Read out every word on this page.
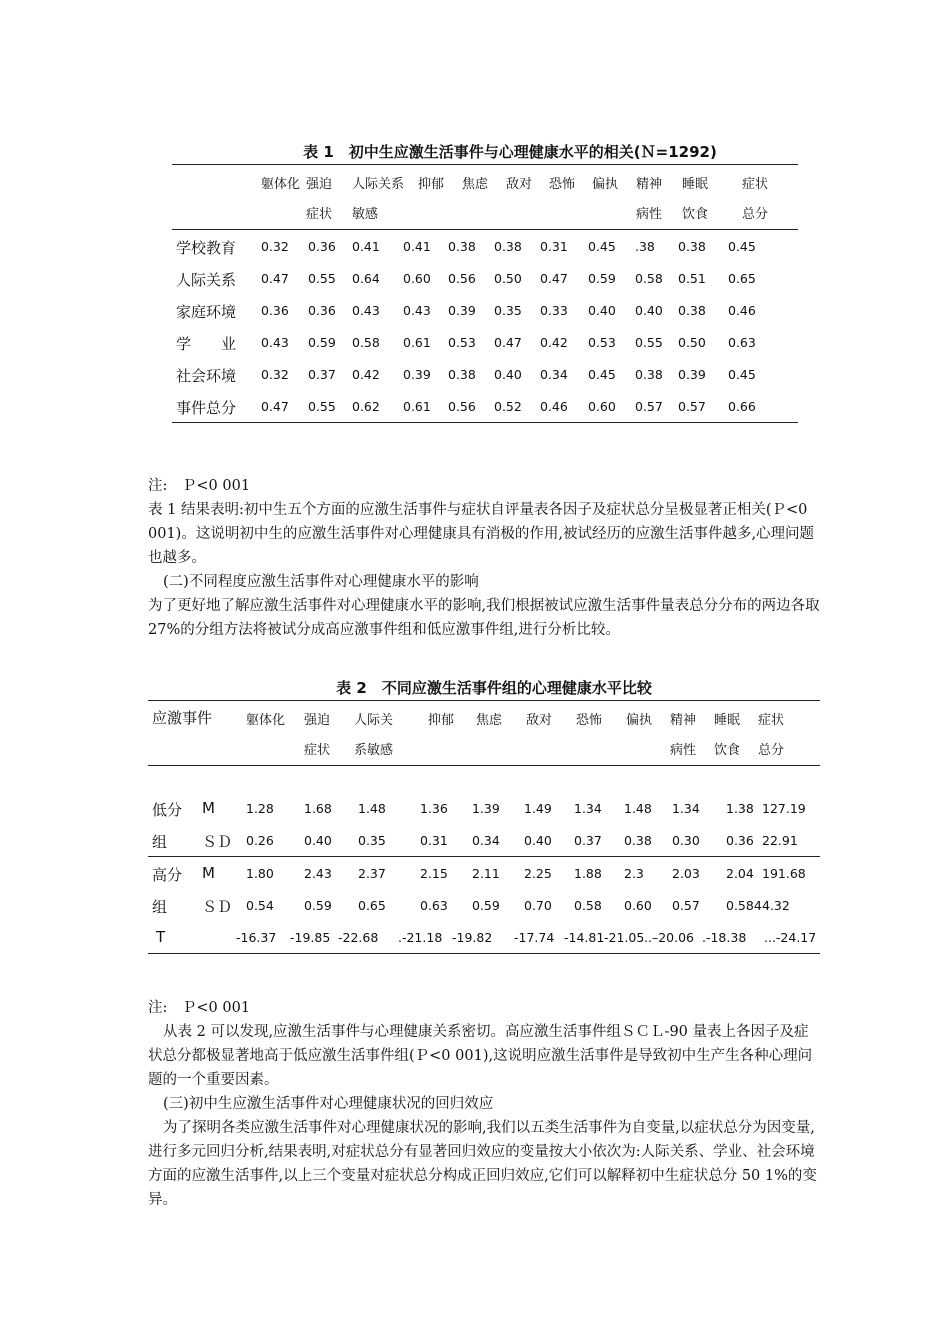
表 1　初中生应激生活事件与心理健康水平的相关(Ｎ=1292)
躯体化 强迫 人际关系 抑郁 焦虑 敌对 恐怖 偏执 精神 睡眠	症状
症状 敏感	病性 饮食	总分
学校教育 0.32 0.36 0.41 0.41 0.38 0.38 0.31 0.45 .38 0.38 0.45
人际关系 0.47 0.55 0.64 0.60 0.56 0.50 0.47 0.59 0.58 0.51 0.65
家庭环境 0.36 0.36 0.43 0.43 0.39 0.35 0.33 0.40 0.40 0.38 0.46
学　　业 0.43 0.59 0.58 0.61 0.53 0.47 0.42 0.53 0.55 0.50 0.63
社会环境 0.32 0.37 0.42 0.39 0.38 0.40 0.34 0.45 0.38 0.39 0.45
事件总分 0.47 0.55 0.62 0.61 0.56 0.52 0.46 0.60 0.57 0.57 0.66

注:　Ｐ<0 001

表 1 结果表明:初中生五个方面的应激生活事件与症状自评量表各因子及症状总分呈极显著正相关(Ｐ<0 001)。这说明初中生的应激生活事件对心理健康具有消极的作用,被试经历的应激生活事件越多,心理问题也越多。

(二)不同程度应激生活事件对心理健康水平的影响

为了更好地了解应激生活事件对心理健康水平的影响,我们根据被试应激生活事件量表总分分布的两边各取 27%的分组方法将被试分成高应激事件组和低应激事件组,进行分析比较。

表 2　不同应激生活事件组的心理健康水平比较
应激事件	躯体化 强迫 人际关	抑郁 焦虑 敌对 恐怖 偏执 精神 睡眠 症状
症状 系敏感	病性 饮食 总分
低分 M 1.28 1.68 1.48	1.36 1.39 1.49 1.34 1.48 1.34 1.38 127.19
组 ＳＤ 0.26 0.40 0.35	0.31 0.34 0.40 0.37 0.38 0.30 0.36 22.91
高分 M 1.80 2.43 2.37	2.15 2.11 2.25 1.88 2.3 2.03 2.04 191.68
组 ＳＤ 0.54 0.59 0.65	0.63 0.59 0.70 0.58 0.60 0.57 0.584 4.32
T	-16.37 -19.85 -22.68 .-21.18 -19.82 -17.74 -14.81 -21.05 ..–20.06 .-18.38 ...-24.17

注:　Ｐ<0 001

从表 2 可以发现,应激生活事件与心理健康关系密切。高应激生活事件组ＳＣＬ-90 量表上各因子及症状总分都极显著地高于低应激生活事件组(Ｐ<0 001),这说明应激生活事件是导致初中生产生各种心理问题的一个重要因素。

(三)初中生应激生活事件对心理健康状况的回归效应

为了探明各类应激生活事件对心理健康状况的影响,我们以五类生活事件为自变量,以症状总分为因变量,进行多元回归分析,结果表明,对症状总分有显著回归效应的变量按大小依次为:人际关系、学业、社会环境方面的应激生活事件,以上三个变量对症状总分构成正回归效应,它们可以解释初中生症状总分 50 1%的变异。
